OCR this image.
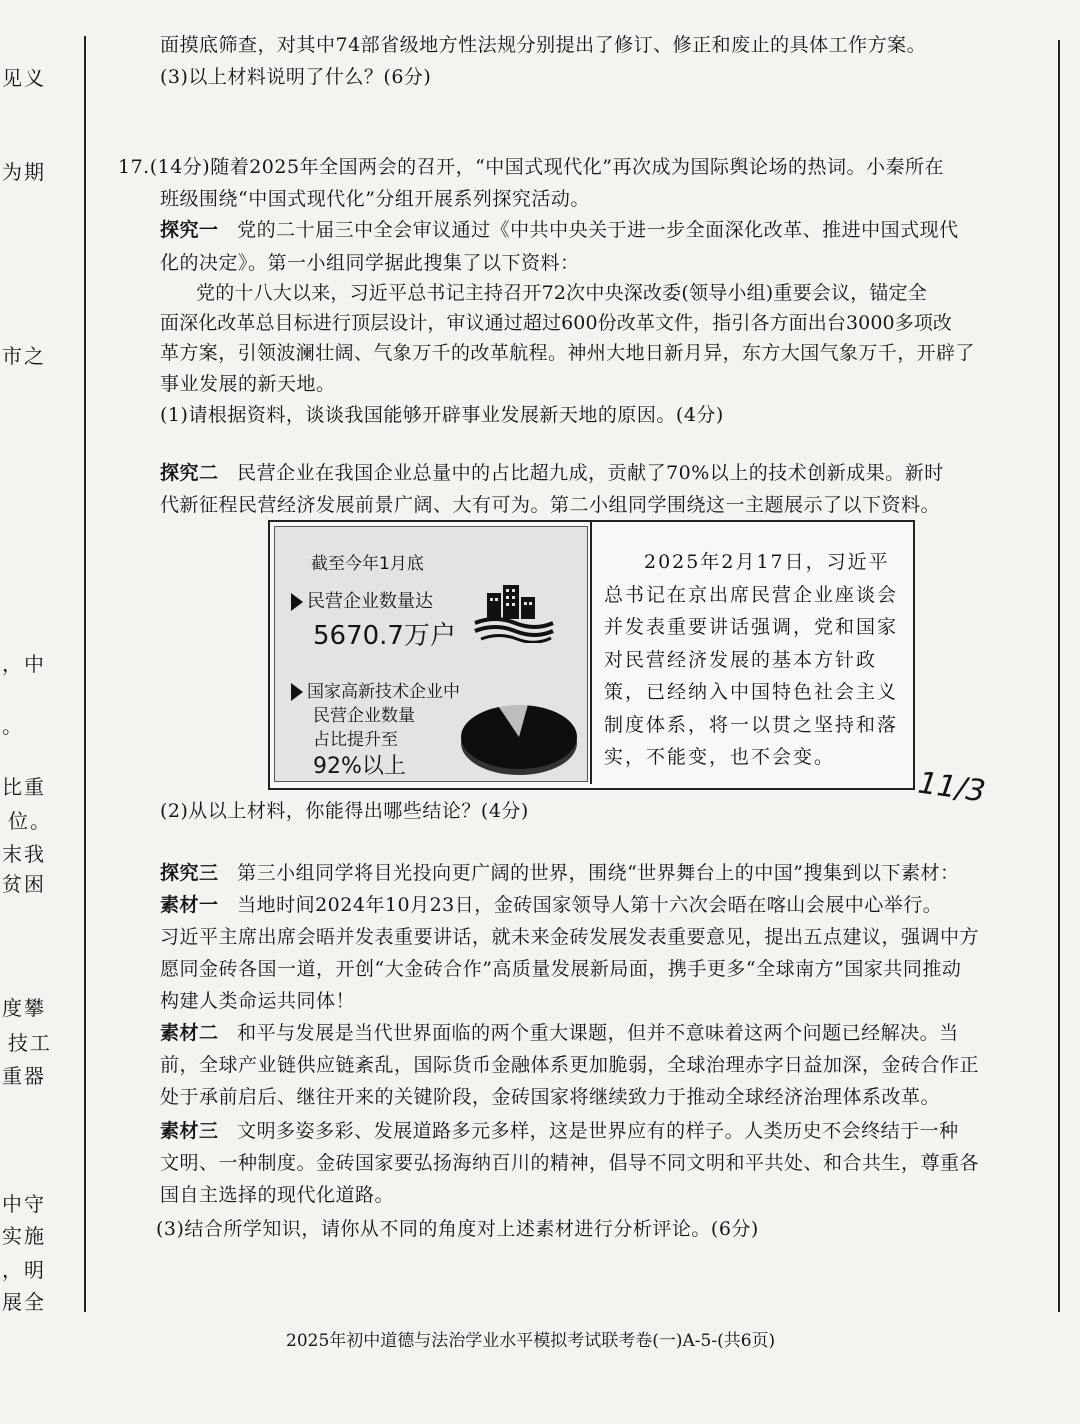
见义
为期
市之
，中
。
比重
位。
末我
贫困
度攀
技工
重器
中守
实施
，明
展全
面摸底筛查，对其中74部省级地方性法规分别提出了修订、修正和废止的具体工作方案。
(3)以上材料说明了什么？(6分)
17.(14分)随着2025年全国两会的召开，“中国式现代化”再次成为国际舆论场的热词。小秦所在
班级围绕“中国式现代化”分组开展系列探究活动。
探究一 党的二十届三中全会审议通过《中共中央关于进一步全面深化改革、推进中国式现代
化的决定》。第一小组同学据此搜集了以下资料：
党的十八大以来，习近平总书记主持召开72次中央深改委(领导小组)重要会议，锚定全
面深化改革总目标进行顶层设计，审议通过超过600份改革文件，指引各方面出台3000多项改
革方案，引领波澜壮阔、气象万千的改革航程。神州大地日新月异，东方大国气象万千，开辟了
事业发展的新天地。
(1)请根据资料，谈谈我国能够开辟事业发展新天地的原因。(4分)
探究二 民营企业在我国企业总量中的占比超九成，贡献了70%以上的技术创新成果。新时
代新征程民营经济发展前景广阔、大有可为。第二小组同学围绕这一主题展示了以下资料。
截至今年1月底
民营企业数量达
5670.7万户
国家高新技术企业中
民营企业数量
占比提升至
92%以上
2025年2月17日，习近平
总书记在京出席民营企业座谈会
并发表重要讲话强调，党和国家
对民营经济发展的基本方针政
策，已经纳入中国特色社会主义
制度体系，将一以贯之坚持和落
实，不能变，也不会变。
(2)从以上材料，你能得出哪些结论？(4分)
11/3
探究三 第三小组同学将目光投向更广阔的世界，围绕“世界舞台上的中国”搜集到以下素材：
素材一 当地时间2024年10月23日，金砖国家领导人第十六次会晤在喀山会展中心举行。
习近平主席出席会晤并发表重要讲话，就未来金砖发展发表重要意见，提出五点建议，强调中方
愿同金砖各国一道，开创“大金砖合作”高质量发展新局面，携手更多“全球南方”国家共同推动
构建人类命运共同体！
素材二 和平与发展是当代世界面临的两个重大课题，但并不意味着这两个问题已经解决。当
前，全球产业链供应链紊乱，国际货币金融体系更加脆弱，全球治理赤字日益加深，金砖合作正
处于承前启后、继往开来的关键阶段，金砖国家将继续致力于推动全球经济治理体系改革。
素材三 文明多姿多彩、发展道路多元多样，这是世界应有的样子。人类历史不会终结于一种
文明、一种制度。金砖国家要弘扬海纳百川的精神，倡导不同文明和平共处、和合共生，尊重各
国自主选择的现代化道路。
(3)结合所学知识，请你从不同的角度对上述素材进行分析评论。(6分)
2025年初中道德与法治学业水平模拟考试联考卷(一)A-5-(共6页)
